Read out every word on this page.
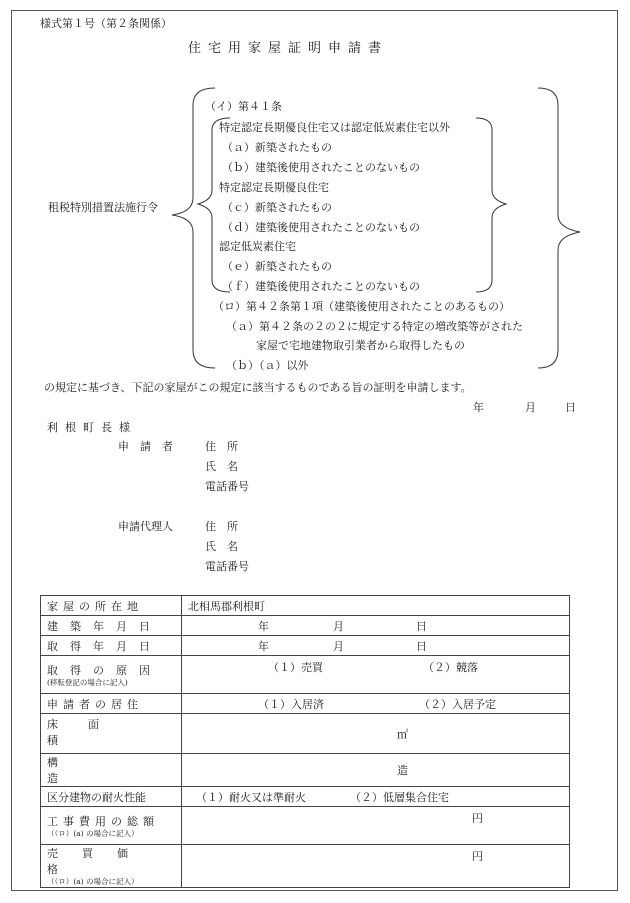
様式第１号（第２条関係）
住宅用家屋証明申請書
租税特別措置法施行令
（イ）第４１条
特定認定長期優良住宅又は認定低炭素住宅以外
（ａ）新築されたもの
（ｂ）建築後使用されたことのないもの
特定認定長期優良住宅
（ｃ）新築されたもの
（ｄ）建築後使用されたことのないもの
認定低炭素住宅
（ｅ）新築されたもの
（ｆ）建築後使用されたことのないもの
（ロ）第４２条第１項（建築後使用されたことのあるもの）
（ａ）第４２条の２の２に規定する特定の増改築等がされた
家屋で宅地建物取引業者から取得したもの
（ｂ）（ａ）以外
の規定に基づき、下記の家屋がこの規定に該当するものである旨の証明を申請します。
年	月	日
利根町長様
申請者 住所
氏名
電話番号
申請代理人	住所
氏名
電話番号
家屋の所在地	北相馬郡利根町
建築年月日	年 月 日

取得年月日	年 月 日

取得の原因
(移転登記の場合に記入)	（１）売買 （２）競落

申請者の居住	（１）入居済 （２）入居予定

床面積	㎡

構造	造
区分建物の耐火性能	（１）耐火又は準耐火 （２）低層集合住宅

工事費用の総額
（（ロ）(a) の場合に記入）	円
売買価格
（（ロ）(a) の場合に記入）	円
